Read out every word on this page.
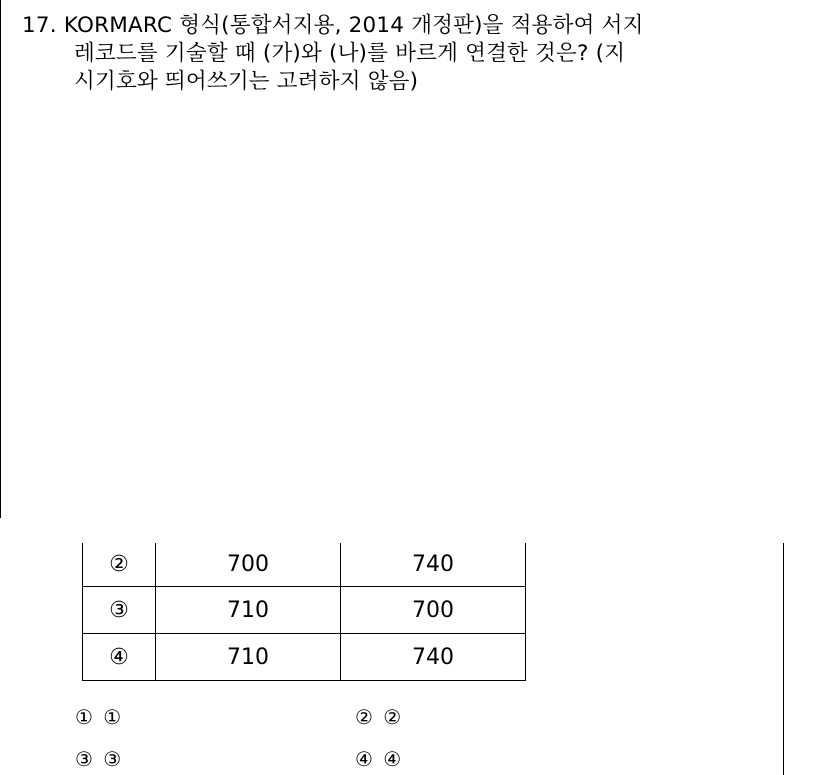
17. KORMARC 형식(통합서지용, 2014 개정판)을 적용하여 서지
레코드를 기술할 때 (가)와 (나)를 바르게 연결한 것은? (지
시기호와 띄어쓰기는 고려하지 않음)
②	700	740
③	710	700
④	710	740
① ①	② ②
③ ③	④ ④
